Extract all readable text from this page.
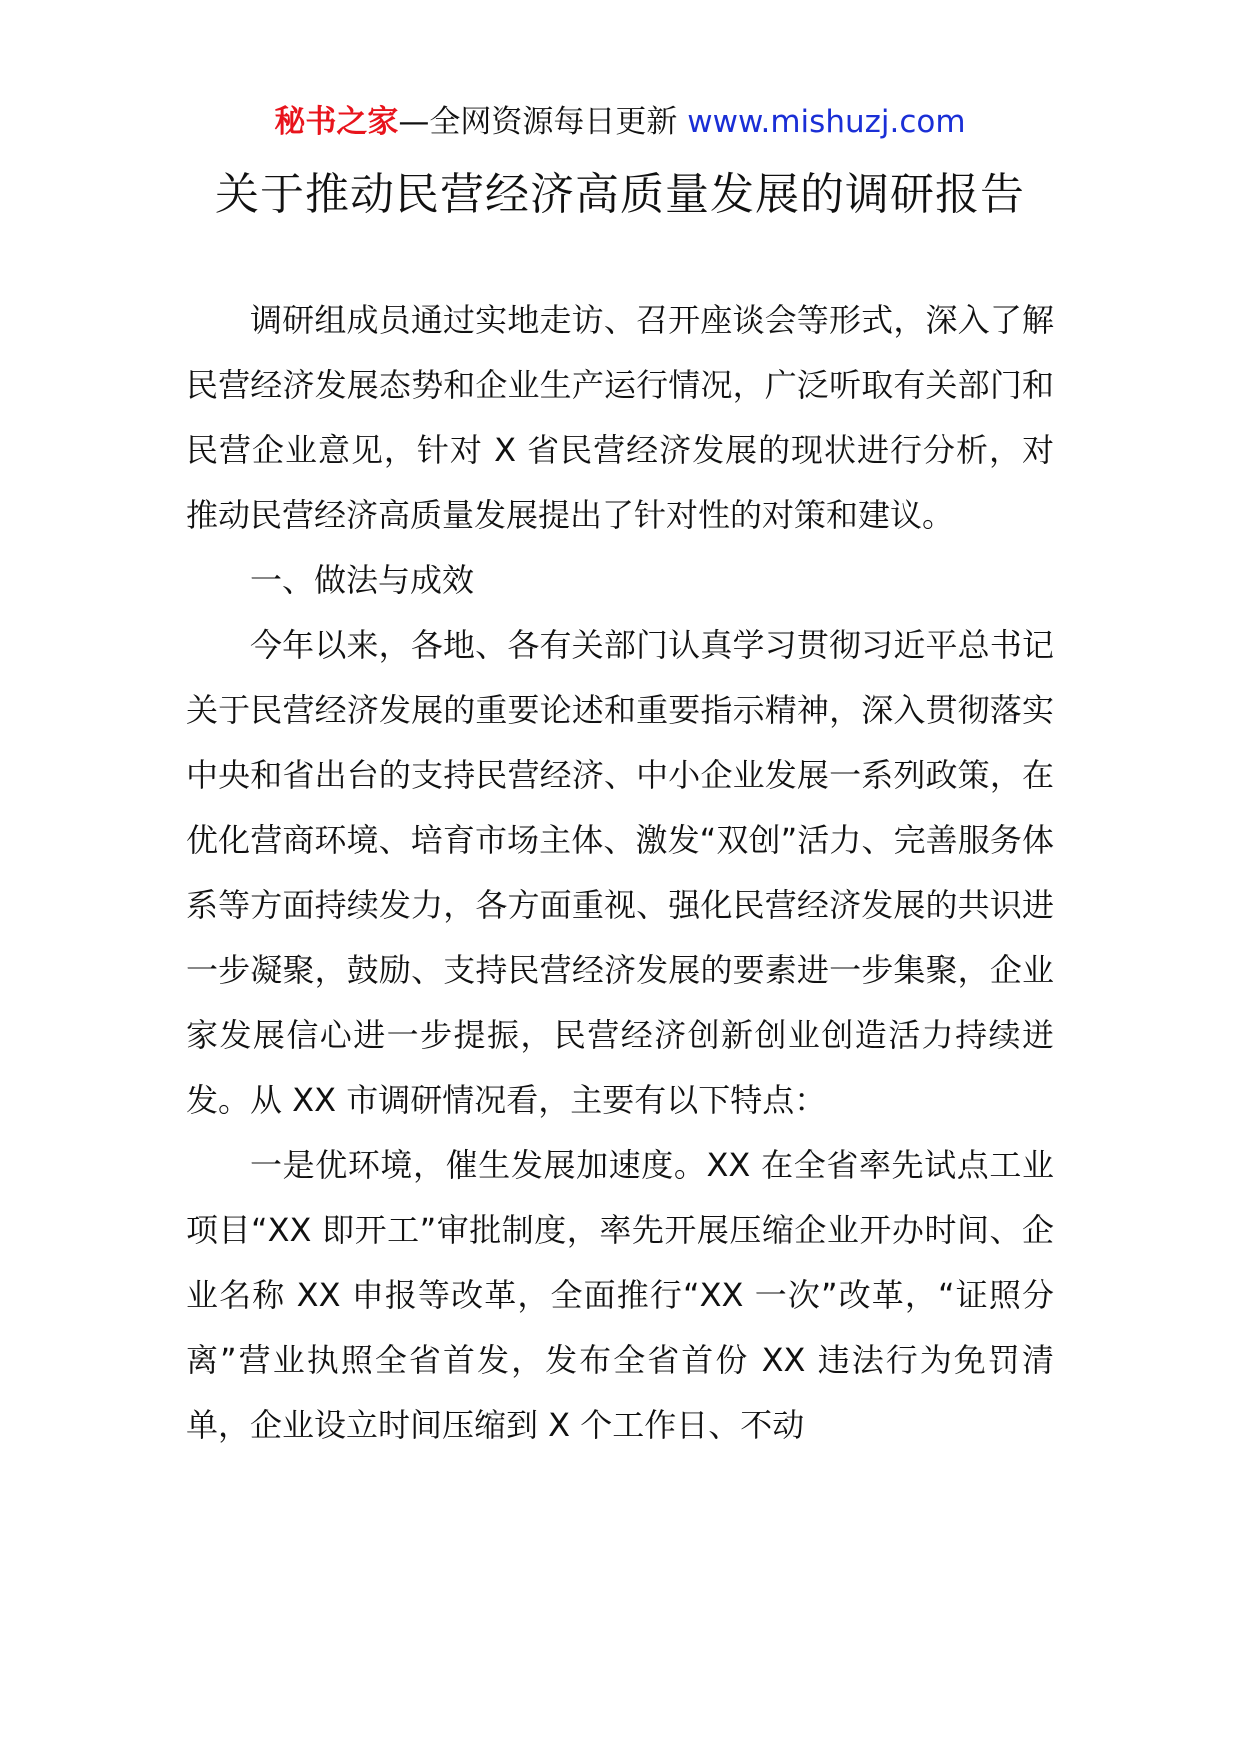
秘书之家—全网资源每日更新 www.mishuzj.com
关于推动民营经济高质量发展的调研报告

调研组成员通过实地走访、召开座谈会等形式，深入了解民营经济发展态势和企业生产运行情况，广泛听取有关部门和民营企业意见，针对 X 省民营经济发展的现状进行分析，对推动民营经济高质量发展提出了针对性的对策和建议。

一、做法与成效

今年以来，各地、各有关部门认真学习贯彻习近平总书记关于民营经济发展的重要论述和重要指示精神，深入贯彻落实中央和省出台的支持民营经济、中小企业发展一系列政策，在优化营商环境、培育市场主体、激发“双创”活力、完善服务体系等方面持续发力，各方面重视、强化民营经济发展的共识进一步凝聚，鼓励、支持民营经济发展的要素进一步集聚，企业家发展信心进一步提振，民营经济创新创业创造活力持续迸发。从 XX 市调研情况看，主要有以下特点：

一是优环境，催生发展加速度。XX 在全省率先试点工业项目“XX 即开工”审批制度，率先开展压缩企业开办时间、企业名称 XX 申报等改革，全面推行“XX 一次”改革，“证照分离”营业执照全省首发，发布全省首份 XX 违法行为免罚清单，企业设立时间压缩到 X 个工作日、不动
